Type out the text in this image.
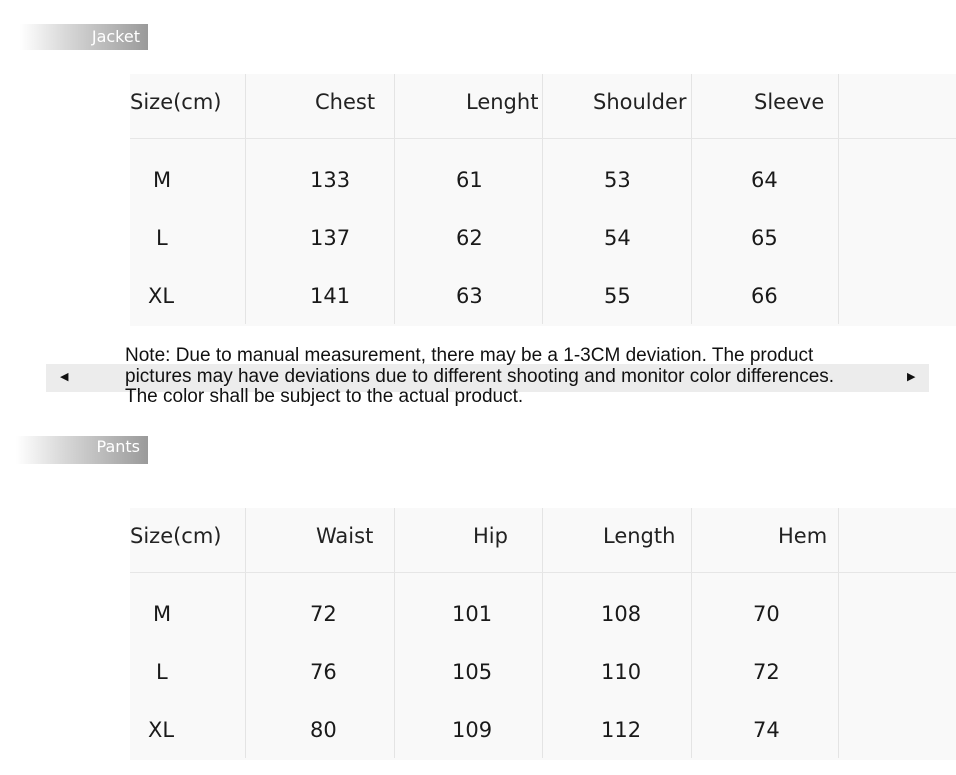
Jacket
Size(cm)	Chest	Lenght	Shoulder	Sleeve
M	133	61	53	64
L	137	62	54	65
XL	141	63	55	66
◀	▶
Note: Due to manual measurement, there may be a 1-3CM deviation. The product pictures may have deviations due to different shooting and monitor color differences. The color shall be subject to the actual product.
Pants
Size(cm)	Waist	Hip	Length	Hem
M	72	101	108	70
L	76	105	110	72
XL	80	109	112	74
